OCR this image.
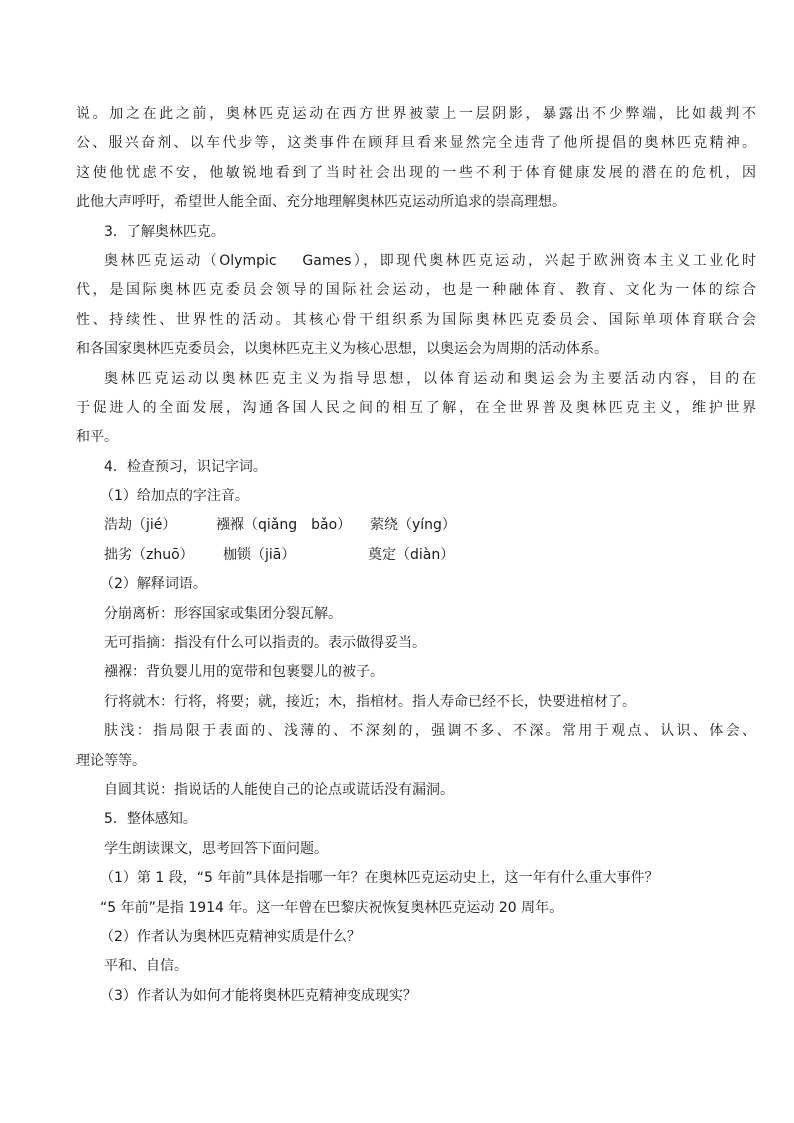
说。加之在此之前，奥林匹克运动在西方世界被蒙上一层阴影，暴露出不少弊端，比如裁判不
公、服兴奋剂、以车代步等，这类事件在顾拜旦看来显然完全违背了他所提倡的奥林匹克精神。
这使他忧虑不安，他敏锐地看到了当时社会出现的一些不利于体育健康发展的潜在的危机，因
此他大声呼吁，希望世人能全面、充分地理解奥林匹克运动所追求的崇高理想。
3．了解奥林匹克。
奥林匹克运动（Olympic　 Games），即现代奥林匹克运动，兴起于欧洲资本主义工业化时
代，是国际奥林匹克委员会领导的国际社会运动，也是一种融体育、教育、文化为一体的综合
性、持续性、世界性的活动。其核心骨干组织系为国际奥林匹克委员会、国际单项体育联合会
和各国家奥林匹克委员会，以奥林匹克主义为核心思想，以奥运会为周期的活动体系。
奥林匹克运动以奥林匹克主义为指导思想，以体育运动和奥运会为主要活动内容，目的在
于促进人的全面发展，沟通各国人民之间的相互了解，在全世界普及奥林匹克主义，维护世界
和平。
4．检查预习，识记字词。
（1）给加点的字注音。
浩劫（jié）	襁褓（qiǎng　bǎo） 萦绕（yíng）
拙劣（zhuō） 枷锁（jiā）	奠定（diàn）
（2）解释词语。
分崩离析：形容国家或集团分裂瓦解。
无可指摘：指没有什么可以指责的。表示做得妥当。
襁褓：背负婴儿用的宽带和包裹婴儿的被子。
行将就木：行将，将要；就，接近；木，指棺材。指人寿命已经不长，快要进棺材了。
肤浅：指局限于表面的、浅薄的、不深刻的，强调不多、不深。常用于观点、认识、体会、
理论等等。
自圆其说：指说话的人能使自己的论点或谎话没有漏洞。
5．整体感知。
学生朗读课文，思考回答下面问题。
（1）第 1 段，“5 年前”具体是指哪一年？在奥林匹克运动史上，这一年有什么重大事件？
“5 年前”是指 1914 年。这一年曾在巴黎庆祝恢复奥林匹克运动 20 周年。
（2）作者认为奥林匹克精神实质是什么？
平和、自信。
（3）作者认为如何才能将奥林匹克精神变成现实？
